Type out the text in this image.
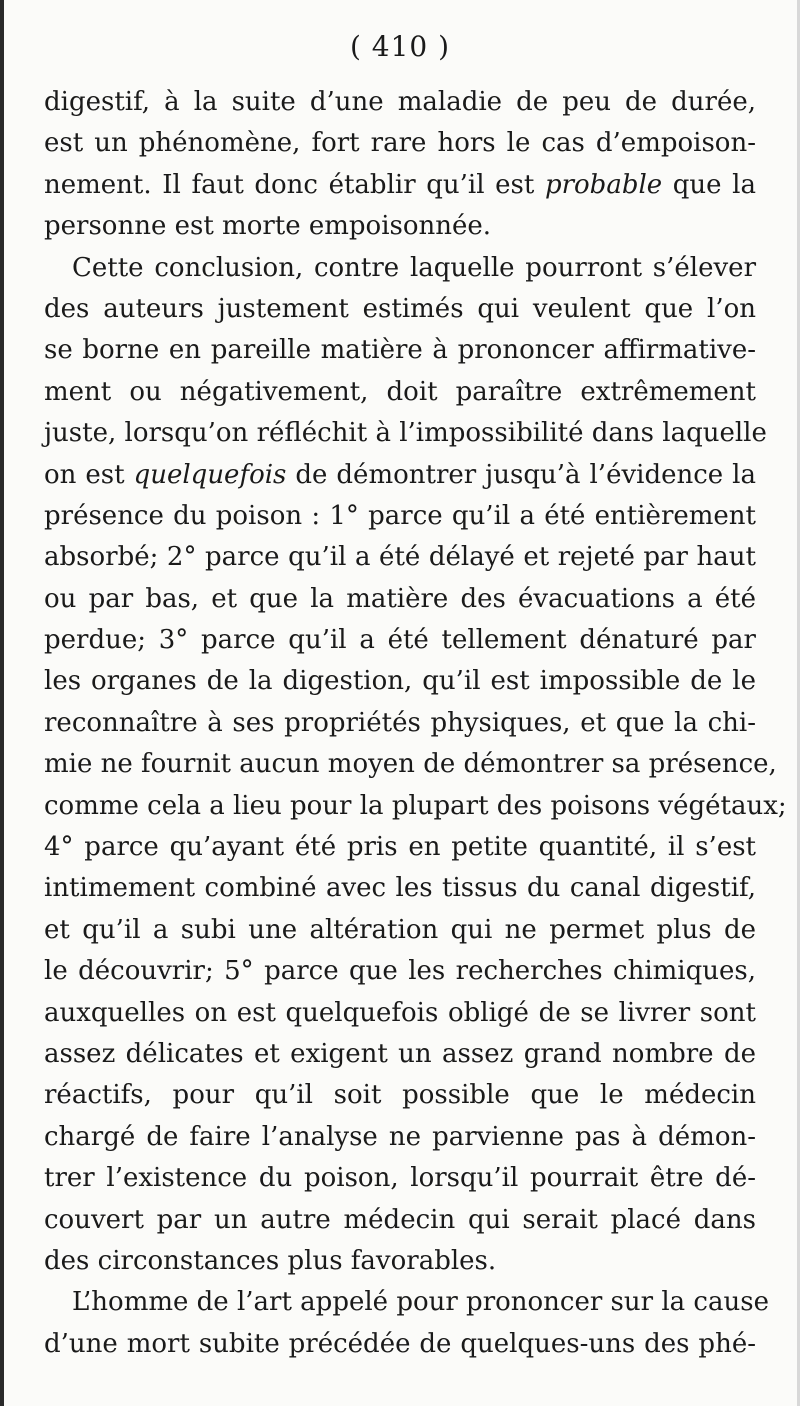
( 410 )
digestif, à la suite d’une maladie de peu de durée,
est un phénomène, fort rare hors le cas d’empoison-
nement. Il faut donc établir qu’il est probable que la
personne est morte empoisonnée.
Cette conclusion, contre laquelle pourront s’élever
des auteurs justement estimés qui veulent que l’on
se borne en pareille matière à prononcer affirmative-
ment ou négativement, doit paraître extrêmement
juste, lorsqu’on réfléchit à l’impossibilité dans laquelle
on est quelquefois de démontrer jusqu’à l’évidence la
présence du poison : 1° parce qu’il a été entièrement
absorbé; 2° parce qu’il a été délayé et rejeté par haut
ou par bas, et que la matière des évacuations a été
perdue; 3° parce qu’il a été tellement dénaturé par
les organes de la digestion, qu’il est impossible de le
reconnaître à ses propriétés physiques, et que la chi-
mie ne fournit aucun moyen de démontrer sa présence,
comme cela a lieu pour la plupart des poisons végétaux;
4° parce qu’ayant été pris en petite quantité, il s’est
intimement combiné avec les tissus du canal digestif,
et qu’il a subi une altération qui ne permet plus de
le découvrir; 5° parce que les recherches chimiques,
auxquelles on est quelquefois obligé de se livrer sont
assez délicates et exigent un assez grand nombre de
réactifs, pour qu’il soit possible que le médecin
chargé de faire l’analyse ne parvienne pas à démon-
trer l’existence du poison, lorsqu’il pourrait être dé-
couvert par un autre médecin qui serait placé dans
des circonstances plus favorables.
L’homme de l’art appelé pour prononcer sur la cause
d’une mort subite précédée de quelques-uns des phé-
